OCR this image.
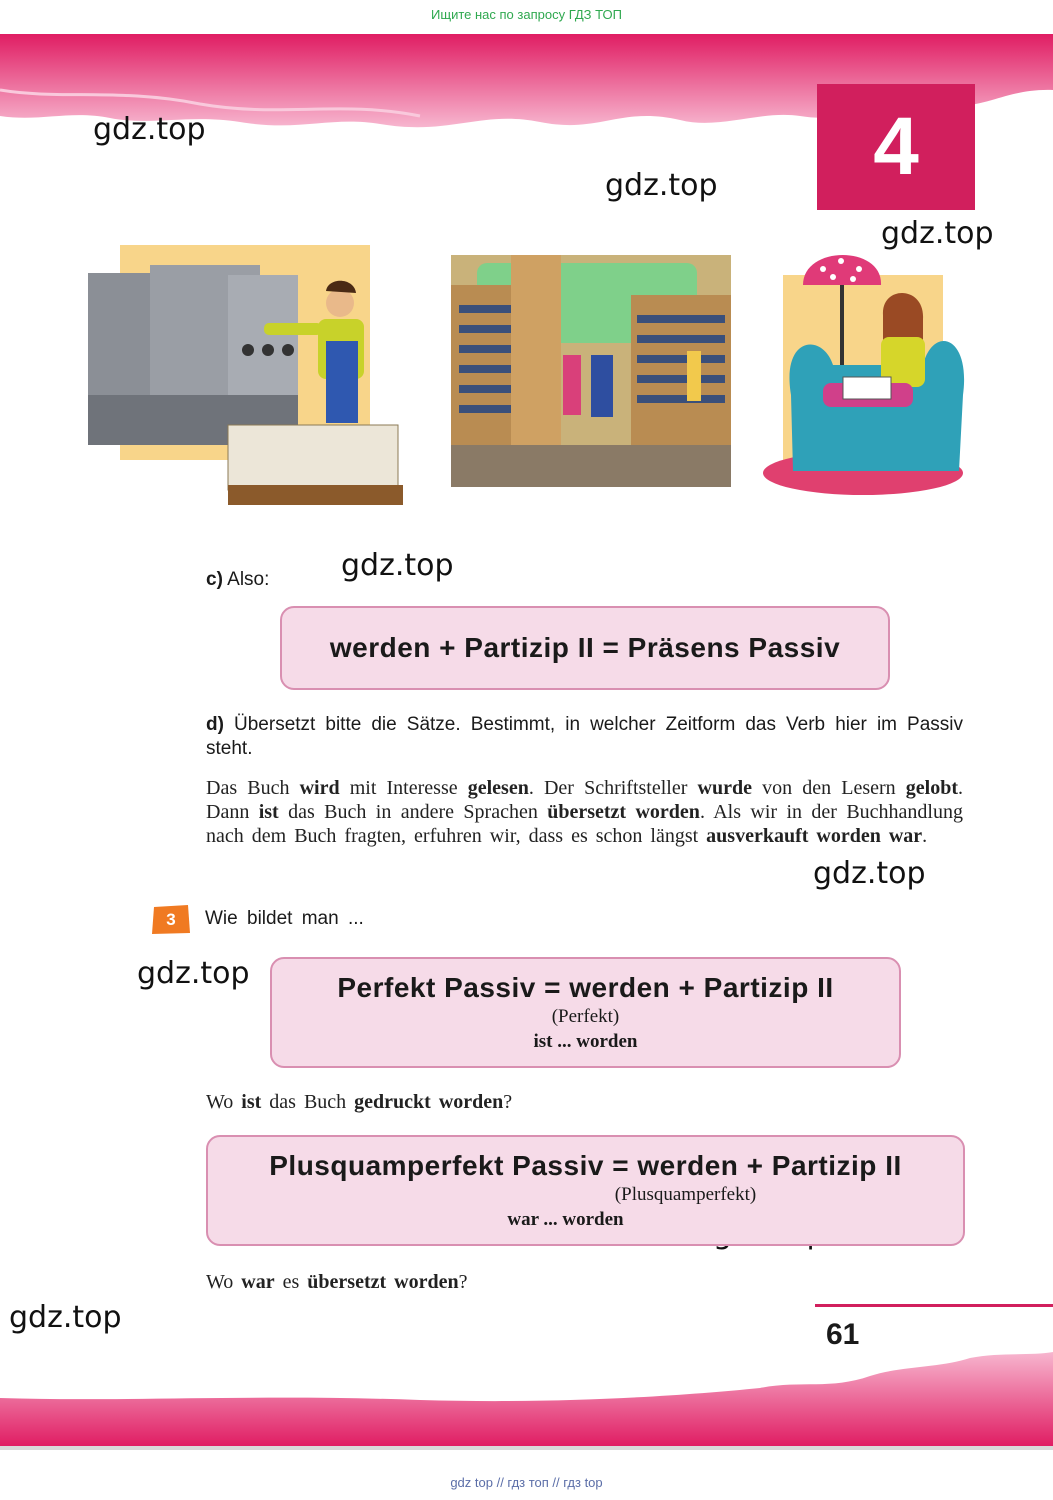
Ищите нас по запросу ГДЗ ТОП
4
gdz.top
gdz.top
gdz.top
gdz.top
gdz.top
gdz.top
gdz.top
c) Also:
werden + Partizip II = Präsens Passiv
d) Übersetzt bitte die Sätze. Bestimmt, in welcher Zeitform das Verb hier im Passiv steht.
Das Buch wird mit Interesse gelesen. Der Schriftsteller wurde von den Lesern gelobt. Dann ist das Buch in andere Sprachen übersetzt worden. Als wir in der Buchhandlung nach dem Buch fragten, erfuhren wir, dass es schon längst ausverkauft worden war.
3 Wie bildet man ...
Perfekt Passiv = werden + Partizip II
(Perfekt)
ist ... worden
Wo ist das Buch gedruckt worden?
Plusquamperfekt Passiv = werden + Partizip II
(Plusquamperfekt)
war ... worden
Wo war es übersetzt worden?
61
gdz top // гдз топ // гдз top
